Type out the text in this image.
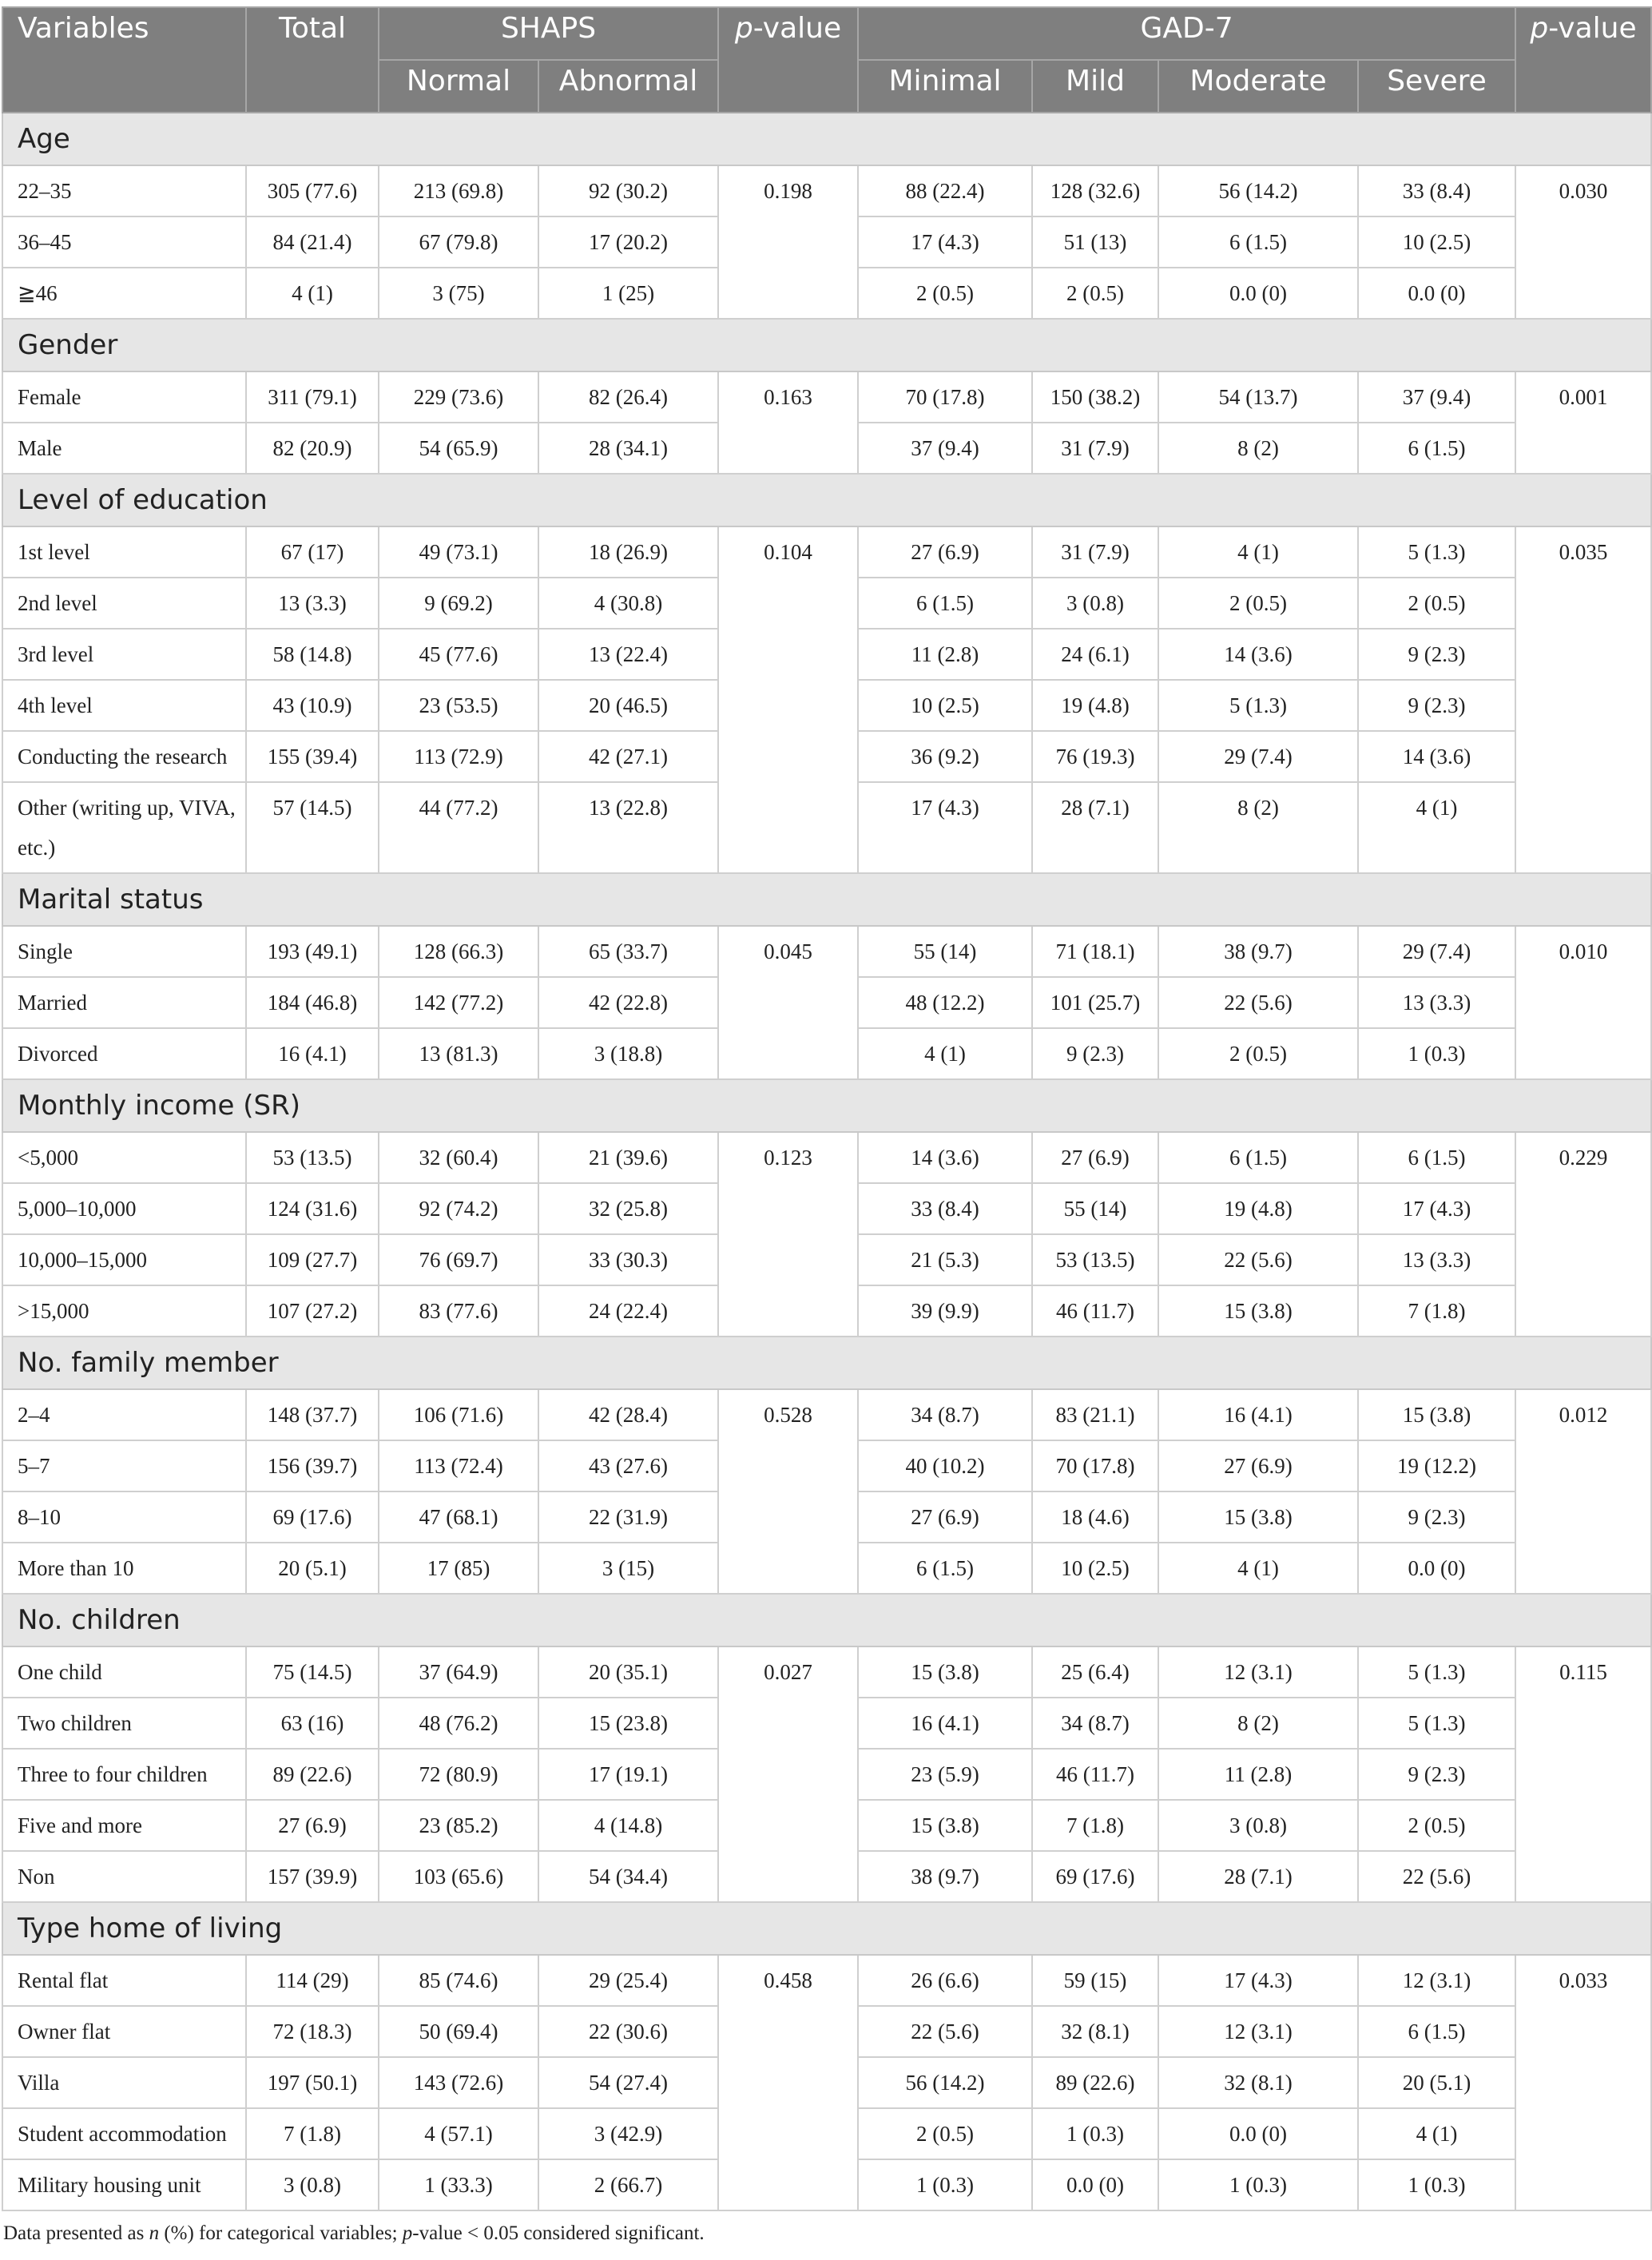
Variables	Total	SHAPS		p-value	GAD-7				p-value
		Normal	Abnormal		Minimal	Mild	Moderate	Severe	
Age									
22–35	305 (77.6)	213 (69.8)	92 (30.2)	0.198	88 (22.4)	128 (32.6)	56 (14.2)	33 (8.4)	0.030
36–45	84 (21.4)	67 (79.8)	17 (20.2)		17 (4.3)	51 (13)	6 (1.5)	10 (2.5)	
≧46	4 (1)	3 (75)	1 (25)		2 (0.5)	2 (0.5)	0.0 (0)	0.0 (0)	
Gender									
Female	311 (79.1)	229 (73.6)	82 (26.4)	0.163	70 (17.8)	150 (38.2)	54 (13.7)	37 (9.4)	0.001
Male	82 (20.9)	54 (65.9)	28 (34.1)		37 (9.4)	31 (7.9)	8 (2)	6 (1.5)	
Level of education									
1st level	67 (17)	49 (73.1)	18 (26.9)	0.104	27 (6.9)	31 (7.9)	4 (1)	5 (1.3)	0.035
2nd level	13 (3.3)	9 (69.2)	4 (30.8)		6 (1.5)	3 (0.8)	2 (0.5)	2 (0.5)	
3rd level	58 (14.8)	45 (77.6)	13 (22.4)		11 (2.8)	24 (6.1)	14 (3.6)	9 (2.3)	
4th level	43 (10.9)	23 (53.5)	20 (46.5)		10 (2.5)	19 (4.8)	5 (1.3)	9 (2.3)	
Conducting the research	155 (39.4)	113 (72.9)	42 (27.1)		36 (9.2)	76 (19.3)	29 (7.4)	14 (3.6)	
Other (writing up, VIVA, etc.)	57 (14.5)	44 (77.2)	13 (22.8)		17 (4.3)	28 (7.1)	8 (2)	4 (1)	
Marital status									
Single	193 (49.1)	128 (66.3)	65 (33.7)	0.045	55 (14)	71 (18.1)	38 (9.7)	29 (7.4)	0.010
Married	184 (46.8)	142 (77.2)	42 (22.8)		48 (12.2)	101 (25.7)	22 (5.6)	13 (3.3)	
Divorced	16 (4.1)	13 (81.3)	3 (18.8)		4 (1)	9 (2.3)	2 (0.5)	1 (0.3)	
Monthly income (SR)									
<5,000	53 (13.5)	32 (60.4)	21 (39.6)	0.123	14 (3.6)	27 (6.9)	6 (1.5)	6 (1.5)	0.229
5,000–10,000	124 (31.6)	92 (74.2)	32 (25.8)		33 (8.4)	55 (14)	19 (4.8)	17 (4.3)	
10,000–15,000	109 (27.7)	76 (69.7)	33 (30.3)		21 (5.3)	53 (13.5)	22 (5.6)	13 (3.3)	
>15,000	107 (27.2)	83 (77.6)	24 (22.4)		39 (9.9)	46 (11.7)	15 (3.8)	7 (1.8)	
No. family member									
2–4	148 (37.7)	106 (71.6)	42 (28.4)	0.528	34 (8.7)	83 (21.1)	16 (4.1)	15 (3.8)	0.012
5–7	156 (39.7)	113 (72.4)	43 (27.6)		40 (10.2)	70 (17.8)	27 (6.9)	19 (12.2)	
8–10	69 (17.6)	47 (68.1)	22 (31.9)		27 (6.9)	18 (4.6)	15 (3.8)	9 (2.3)	
More than 10	20 (5.1)	17 (85)	3 (15)		6 (1.5)	10 (2.5)	4 (1)	0.0 (0)	
No. children									
One child	75 (14.5)	37 (64.9)	20 (35.1)	0.027	15 (3.8)	25 (6.4)	12 (3.1)	5 (1.3)	0.115
Two children	63 (16)	48 (76.2)	15 (23.8)		16 (4.1)	34 (8.7)	8 (2)	5 (1.3)	
Three to four children	89 (22.6)	72 (80.9)	17 (19.1)		23 (5.9)	46 (11.7)	11 (2.8)	9 (2.3)	
Five and more	27 (6.9)	23 (85.2)	4 (14.8)		15 (3.8)	7 (1.8)	3 (0.8)	2 (0.5)	
Non	157 (39.9)	103 (65.6)	54 (34.4)		38 (9.7)	69 (17.6)	28 (7.1)	22 (5.6)	
Type home of living									
Rental flat	114 (29)	85 (74.6)	29 (25.4)	0.458	26 (6.6)	59 (15)	17 (4.3)	12 (3.1)	0.033
Owner flat	72 (18.3)	50 (69.4)	22 (30.6)		22 (5.6)	32 (8.1)	12 (3.1)	6 (1.5)	
Villa	197 (50.1)	143 (72.6)	54 (27.4)		56 (14.2)	89 (22.6)	32 (8.1)	20 (5.1)	
Student accommodation	7 (1.8)	4 (57.1)	3 (42.9)		2 (0.5)	1 (0.3)	0.0 (0)	4 (1)	
Military housing unit	3 (0.8)	1 (33.3)	2 (66.7)		1 (0.3)	0.0 (0)	1 (0.3)	1 (0.3)	
Data presented as n (%) for categorical variables; p-value < 0.05 considered significant.
